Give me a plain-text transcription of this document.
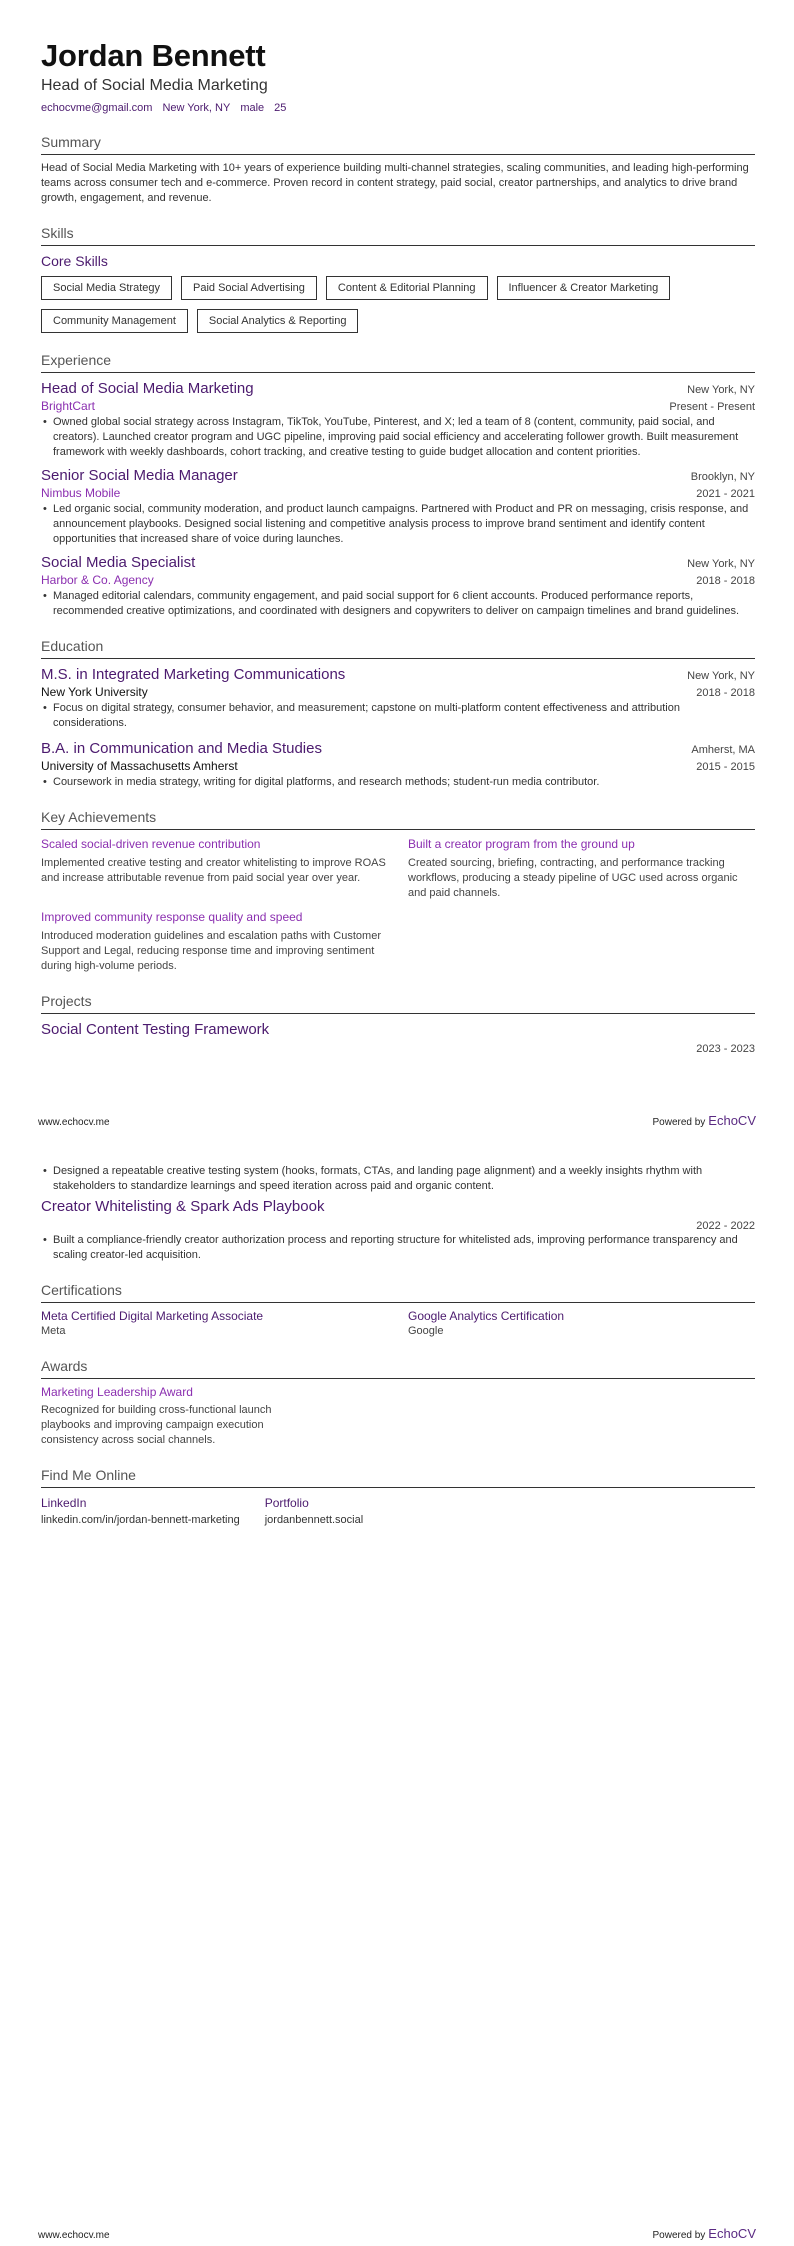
Jordan Bennett
Head of Social Media Marketing
echocvme@gmail.com New York, NY male 25
Summary
Head of Social Media Marketing with 10+ years of experience building multi-channel strategies, scaling communities, and leading high-performing teams across consumer tech and e-commerce. Proven record in content strategy, paid social, creator partnerships, and analytics to drive brand growth, engagement, and revenue.
Skills
Core Skills
Social Media Strategy	Paid Social Advertising	Content & Editorial Planning	Influencer & Creator Marketing
Community Management	Social Analytics & Reporting
Experience
Head of Social Media Marketing	New York, NY
BrightCart	Present - Present
• Owned global social strategy across Instagram, TikTok, YouTube, Pinterest, and X; led a team of 8 (content, community, paid social, and creators). Launched creator program and UGC pipeline, improving paid social efficiency and accelerating follower growth. Built measurement framework with weekly dashboards, cohort tracking, and creative testing to guide budget allocation and content priorities.
Senior Social Media Manager	Brooklyn, NY
Nimbus Mobile	2021 - 2021
• Led organic social, community moderation, and product launch campaigns. Partnered with Product and PR on messaging, crisis response, and announcement playbooks. Designed social listening and competitive analysis process to improve brand sentiment and identify content opportunities that increased share of voice during launches.
Social Media Specialist	New York, NY
Harbor & Co. Agency	2018 - 2018
• Managed editorial calendars, community engagement, and paid social support for 6 client accounts. Produced performance reports, recommended creative optimizations, and coordinated with designers and copywriters to deliver on campaign timelines and brand guidelines.
Education
M.S. in Integrated Marketing Communications	New York, NY
New York University	2018 - 2018
• Focus on digital strategy, consumer behavior, and measurement; capstone on multi-platform content effectiveness and attribution considerations.
B.A. in Communication and Media Studies	Amherst, MA
University of Massachusetts Amherst	2015 - 2015
• Coursework in media strategy, writing for digital platforms, and research methods; student-run media contributor.
Key Achievements
Scaled social-driven revenue contribution
Implemented creative testing and creator whitelisting to improve ROAS and increase attributable revenue from paid social year over year.
Built a creator program from the ground up
Created sourcing, briefing, contracting, and performance tracking workflows, producing a steady pipeline of UGC used across organic and paid channels.
Improved community response quality and speed
Introduced moderation guidelines and escalation paths with Customer Support and Legal, reducing response time and improving sentiment during high-volume periods.
Projects
Social Content Testing Framework
2023 - 2023
www.echocv.me	Powered by EchoCV
• Designed a repeatable creative testing system (hooks, formats, CTAs, and landing page alignment) and a weekly insights rhythm with stakeholders to standardize learnings and speed iteration across paid and organic content.
Creator Whitelisting & Spark Ads Playbook
2022 - 2022
• Built a compliance-friendly creator authorization process and reporting structure for whitelisted ads, improving performance transparency and scaling creator-led acquisition.
Certifications
Meta Certified Digital Marketing Associate
Meta
Google Analytics Certification
Google
Awards
Marketing Leadership Award
Recognized for building cross-functional launch playbooks and improving campaign execution consistency across social channels.
Find Me Online
LinkedIn
linkedin.com/in/jordan-bennett-marketing
Portfolio
jordanbennett.social
www.echocv.me	Powered by EchoCV
